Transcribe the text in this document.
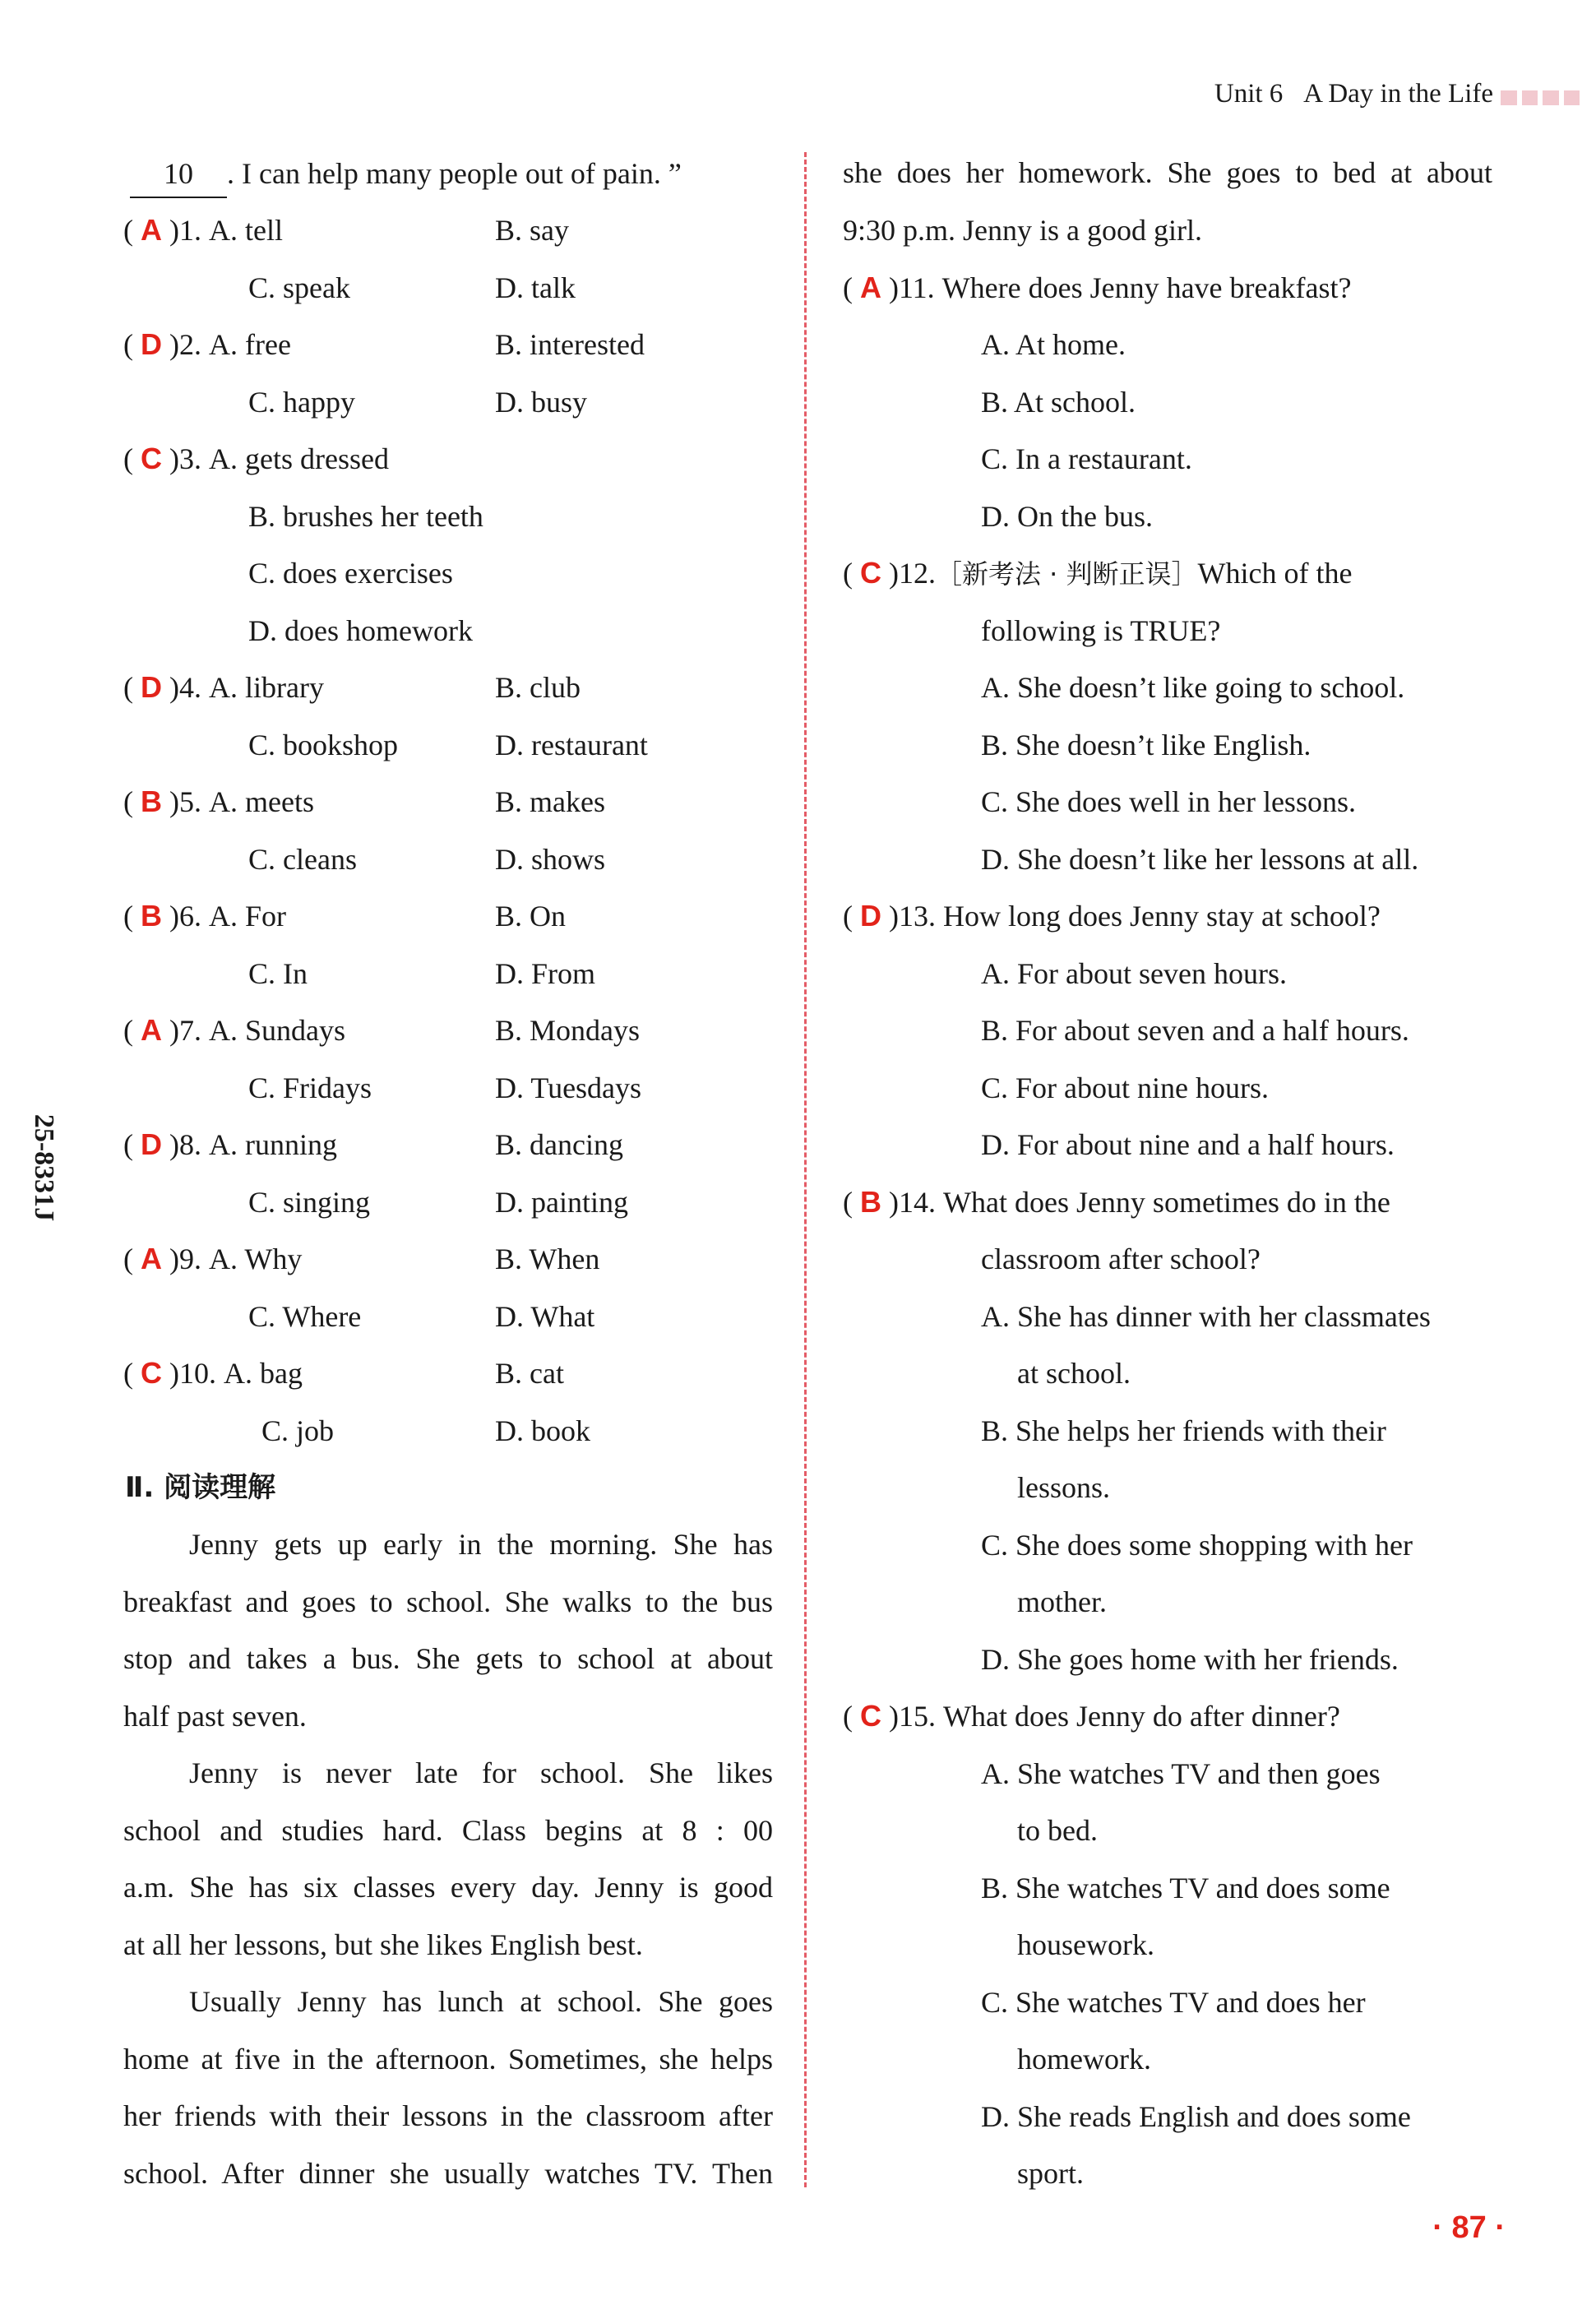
Unit 6 A Day in the Life
25-8331J
10 . I can help many people out of pain. ”
( A )1. A. tell	B. say
C. speak	D. talk
( D )2. A. free	B. interested
C. happy	D. busy
( C )3. A. gets dressed
B. brushes her teeth
C. does exercises
D. does homework
( D )4. A. library	B. club
C. bookshop	D. restaurant
( B )5. A. meets	B. makes
C. cleans	D. shows
( B )6. A. For	B. On
C. In	D. From
( A )7. A. Sundays	B. Mondays
C. Fridays	D. Tuesdays
( D )8. A. running	B. dancing
C. singing	D. painting
( A )9. A. Why	B. When
C. Where	D. What
( C )10. A. bag	B. cat
C. job	D. book
Ⅱ. 阅读理解
Jenny gets up early in the morning. She has
breakfast and goes to school. She walks to the bus
stop and takes a bus. She gets to school at about
half past seven.
Jenny is never late for school. She likes
school and studies hard. Class begins at 8 : 00
a.m. She has six classes every day. Jenny is good
at all her lessons, but she likes English best.
Usually Jenny has lunch at school. She goes
home at five in the afternoon. Sometimes, she helps
her friends with their lessons in the classroom after
school. After dinner she usually watches TV. Then
she does her homework. She goes to bed at about
9:30 p.m. Jenny is a good girl.
( A )11. Where does Jenny have breakfast?
A. At home.
B. At school.
C. In a restaurant.
D. On the bus.
( C )12.［新考法 · 判断正误］Which of the
following is TRUE?
A. She doesn’t like going to school.
B. She doesn’t like English.
C. She does well in her lessons.
D. She doesn’t like her lessons at all.
( D )13. How long does Jenny stay at school?
A. For about seven hours.
B. For about seven and a half hours.
C. For about nine hours.
D. For about nine and a half hours.
( B )14. What does Jenny sometimes do in the
classroom after school?
A. She has dinner with her classmates
at school.
B. She helps her friends with their
lessons.
C. She does some shopping with her
mother.
D. She goes home with her friends.
( C )15. What does Jenny do after dinner?
A. She watches TV and then goes
to bed.
B. She watches TV and does some
housework.
C. She watches TV and does her
homework.
D. She reads English and does some
sport.
· 87 ·
